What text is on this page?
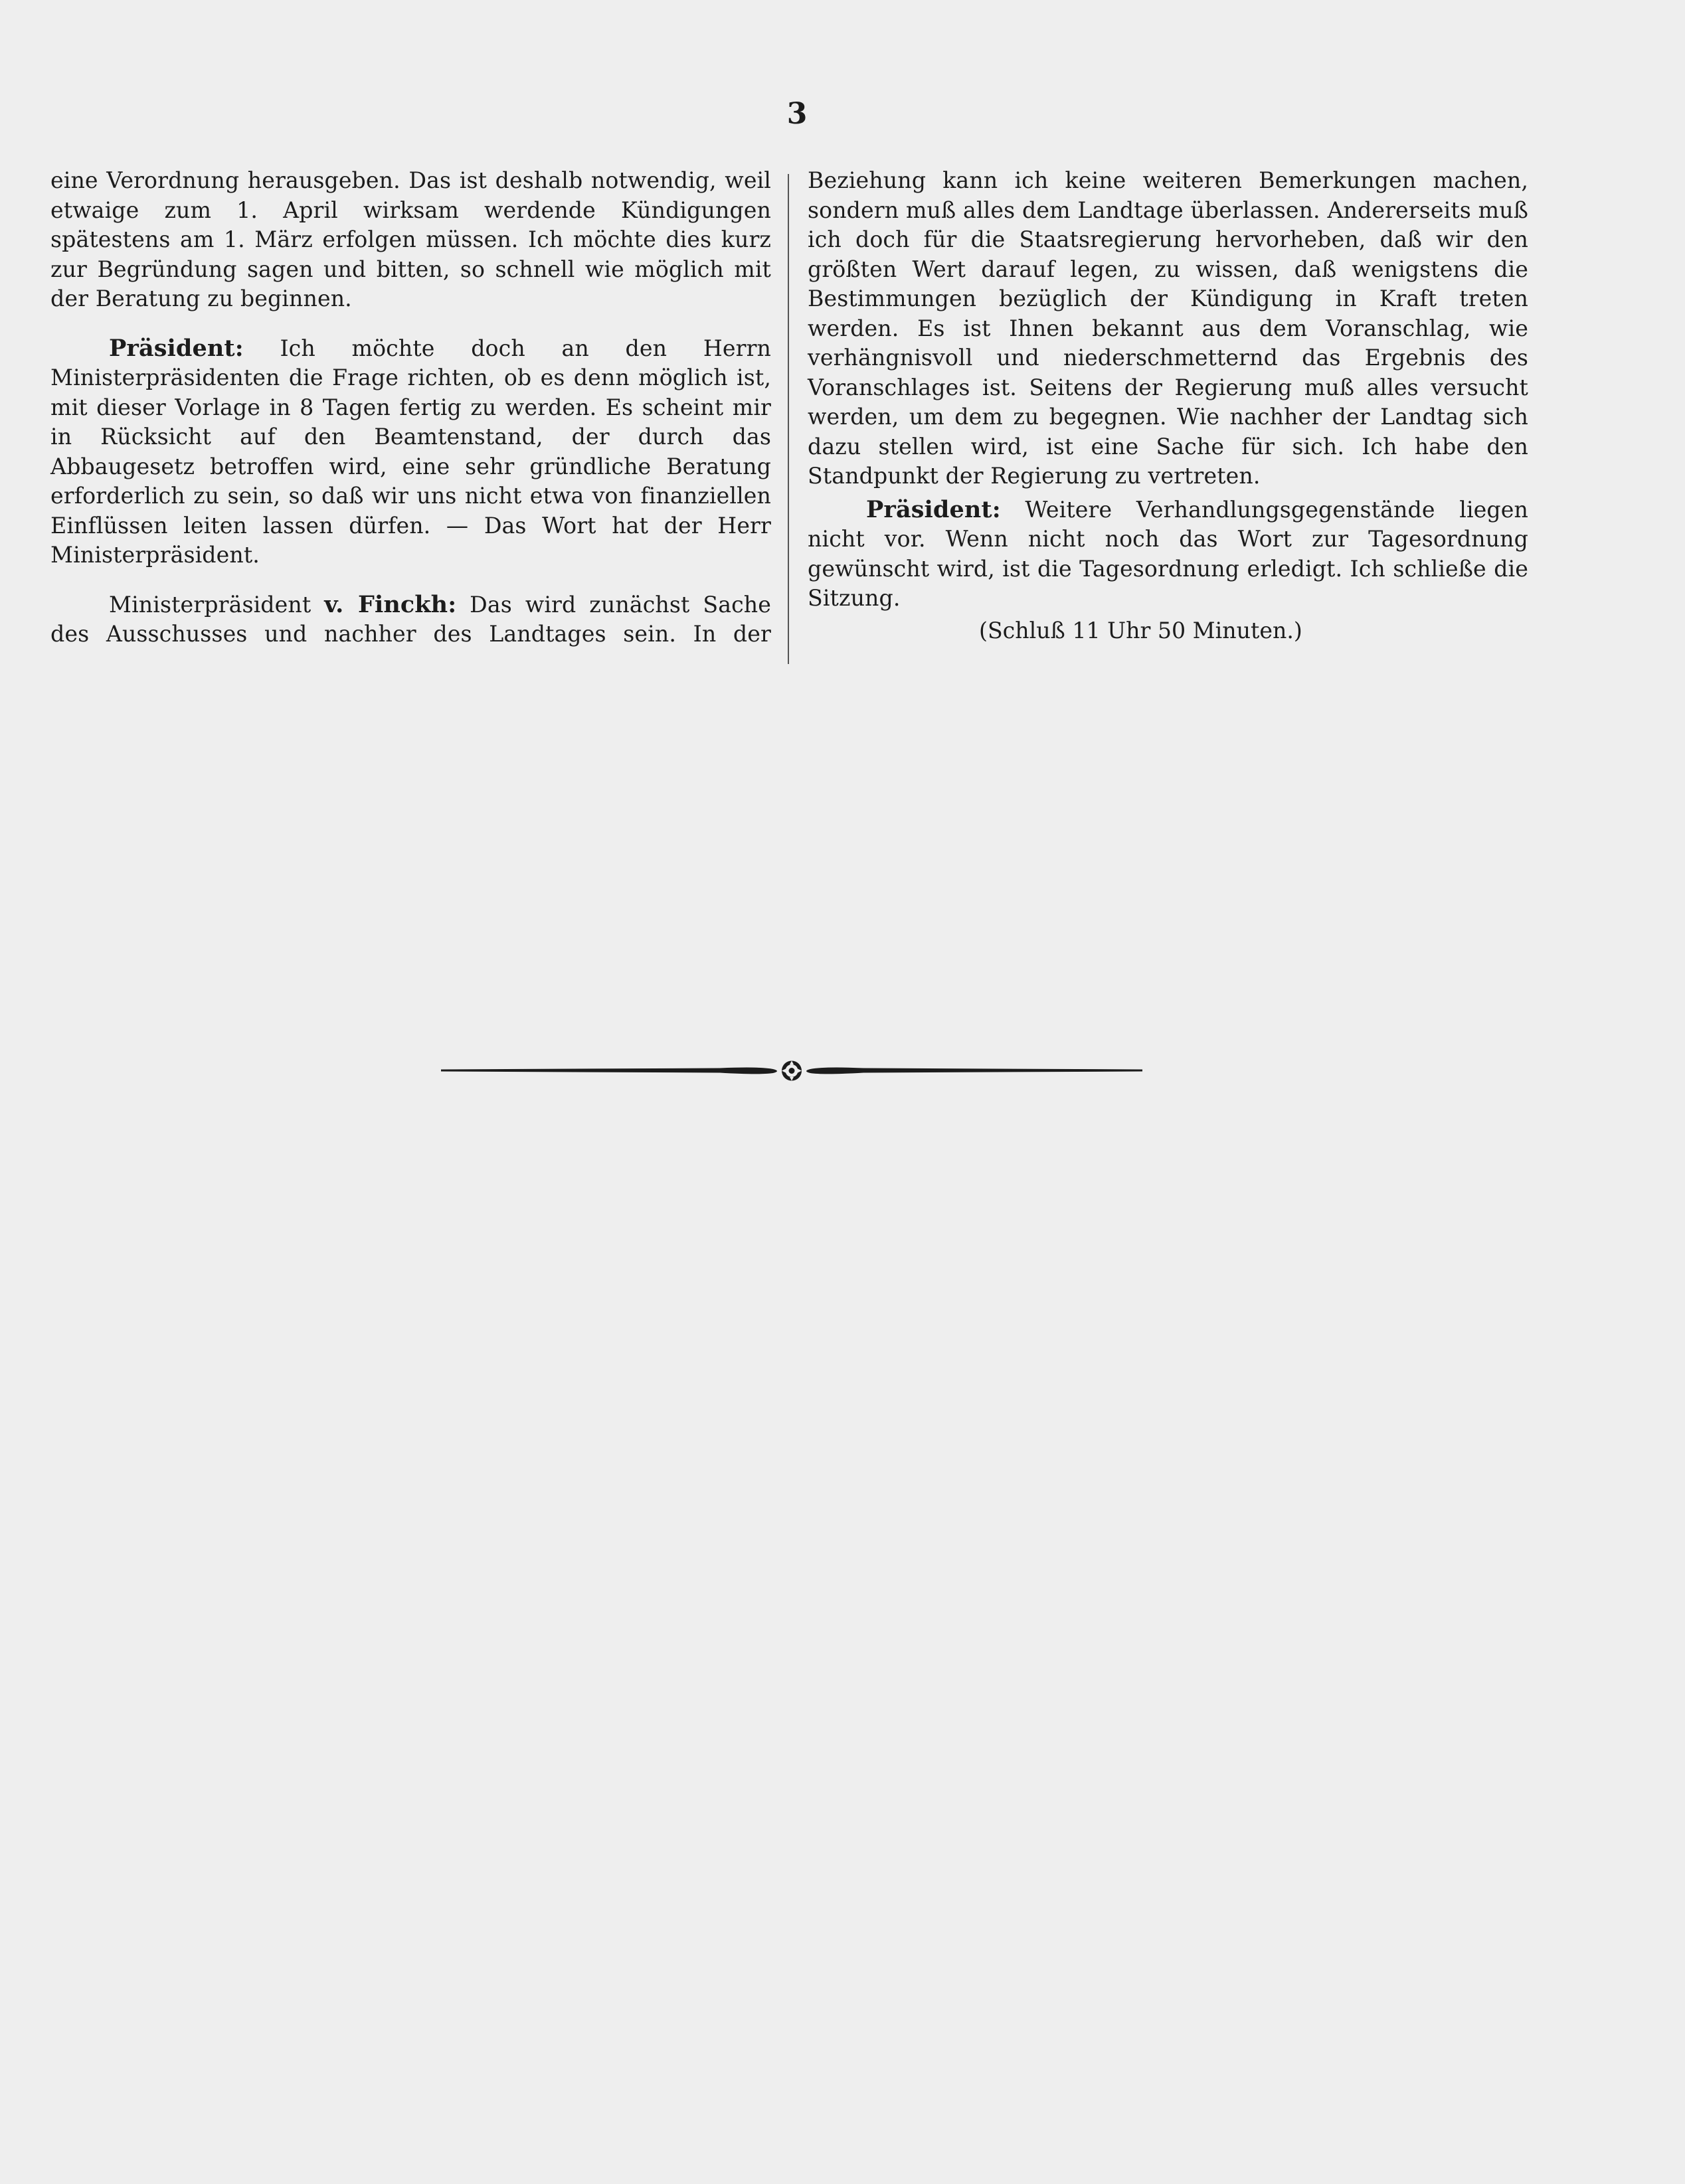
3

eine Verordnung herausgeben. Das ist deshalb notwendig, weil etwaige zum 1. April wirksam werdende Kündigungen spätestens am 1. März erfolgen müssen. Ich möchte dies kurz zur Begründung sagen und bitten, so schnell wie möglich mit der Beratung zu beginnen.

Präsident: Ich möchte doch an den Herrn Ministerpräsidenten die Frage richten, ob es denn möglich ist, mit dieser Vorlage in 8 Tagen fertig zu werden. Es scheint mir in Rücksicht auf den Beamtenstand, der durch das Abbaugesetz betroffen wird, eine sehr gründliche Beratung erforderlich zu sein, so daß wir uns nicht etwa von finanziellen Einflüssen leiten lassen dürfen. — Das Wort hat der Herr Ministerpräsident.

Ministerpräsident v. Finckh: Das wird zunächst Sache des Ausschusses und nachher des Landtages sein. In der

Beziehung kann ich keine weiteren Bemerkungen machen, sondern muß alles dem Landtage überlassen. Andererseits muß ich doch für die Staatsregierung hervorheben, daß wir den größten Wert darauf legen, zu wissen, daß wenigstens die Bestimmungen bezüglich der Kündigung in Kraft treten werden. Es ist Ihnen bekannt aus dem Voranschlag, wie verhängnisvoll und niederschmetternd das Ergebnis des Voranschlages ist. Seitens der Regierung muß alles versucht werden, um dem zu begegnen. Wie nachher der Landtag sich dazu stellen wird, ist eine Sache für sich. Ich habe den Standpunkt der Regierung zu vertreten.

Präsident: Weitere Verhandlungsgegenstände liegen nicht vor. Wenn nicht noch das Wort zur Tagesordnung gewünscht wird, ist die Tagesordnung erledigt. Ich schließe die Sitzung.

(Schluß 11 Uhr 50 Minuten.)
